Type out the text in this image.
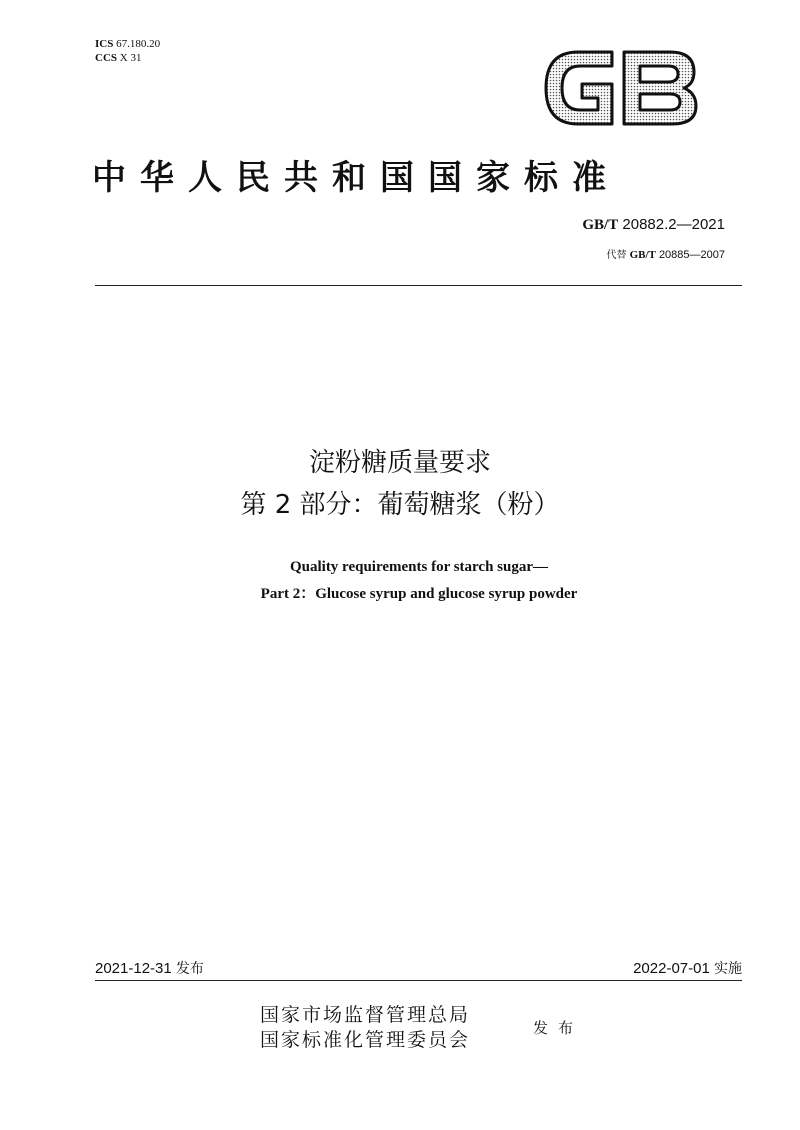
ICS 67.180.20
CCS X 31
中华人民共和国国家标准
GB/T 20882.2—2021
代替 GB/T 20885—2007
淀粉糖质量要求
第 2 部分：葡萄糖浆（粉）
Quality requirements for starch sugar—
Part 2：Glucose syrup and glucose syrup powder
2021-12-31 发布	2022-07-01 实施
国家市场监督管理总局
国家标准化管理委员会
发布
